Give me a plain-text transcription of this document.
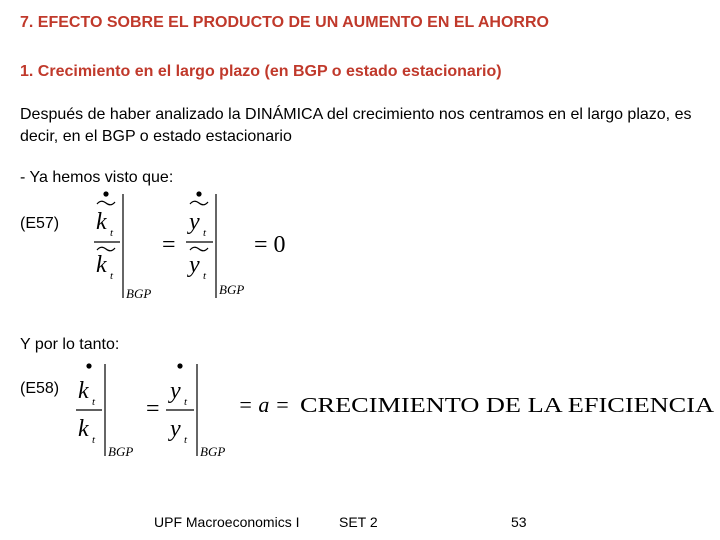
7. EFECTO SOBRE EL PRODUCTO DE UN AUMENTO EN EL AHORRO
1. Crecimiento en el largo plazo (en BGP o estado estacionario)
Después de haber analizado la DINÁMICA del crecimiento nos centramos en el largo plazo, es decir, en el BGP o estado estacionario
- Ya hemos visto que:
(E57) k t
k t
BGP
=
y t
y t
BGP
= 0
Y por lo tanto:
(E58) k t
k t
BGP
=
y t
y t
BGP
= a = CRECIMIENTO DE LA EFICIENCIA
UPF Macroeconomics I	SET 2	53
